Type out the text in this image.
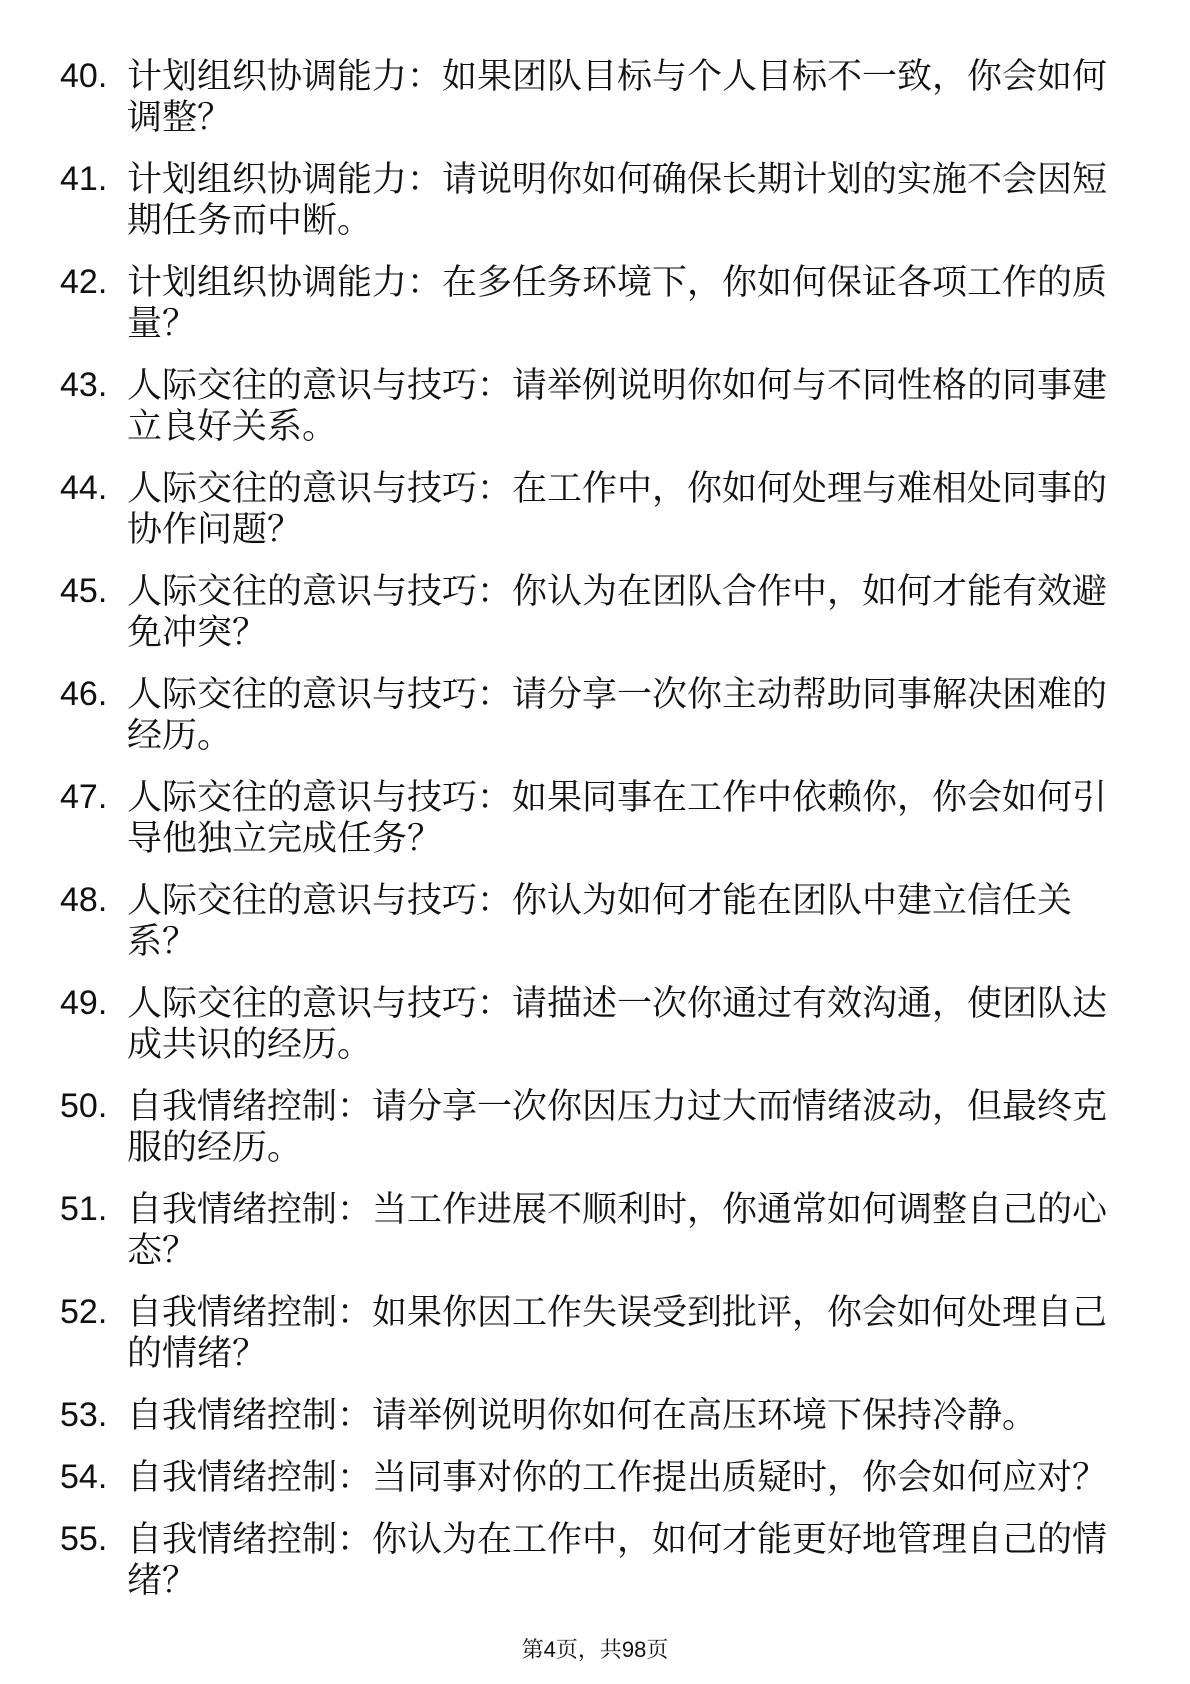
40. 计划组织协调能力：如果团队目标与个人目标不一致，你会如何调整？
41. 计划组织协调能力：请说明你如何确保长期计划的实施不会因短期任务而中断。
42. 计划组织协调能力：在多任务环境下，你如何保证各项工作的质量？
43. 人际交往的意识与技巧：请举例说明你如何与不同性格的同事建立良好关系。
44. 人际交往的意识与技巧：在工作中，你如何处理与难相处同事的协作问题？
45. 人际交往的意识与技巧：你认为在团队合作中，如何才能有效避免冲突？
46. 人际交往的意识与技巧：请分享一次你主动帮助同事解决困难的经历。
47. 人际交往的意识与技巧：如果同事在工作中依赖你，你会如何引导他独立完成任务？
48. 人际交往的意识与技巧：你认为如何才能在团队中建立信任关系？
49. 人际交往的意识与技巧：请描述一次你通过有效沟通，使团队达成共识的经历。
50. 自我情绪控制：请分享一次你因压力过大而情绪波动，但最终克服的经历。
51. 自我情绪控制：当工作进展不顺利时，你通常如何调整自己的心态？
52. 自我情绪控制：如果你因工作失误受到批评，你会如何处理自己的情绪？
53. 自我情绪控制：请举例说明你如何在高压环境下保持冷静。
54. 自我情绪控制：当同事对你的工作提出质疑时，你会如何应对？
55. 自我情绪控制：你认为在工作中，如何才能更好地管理自己的情绪？
第4页，共98页
